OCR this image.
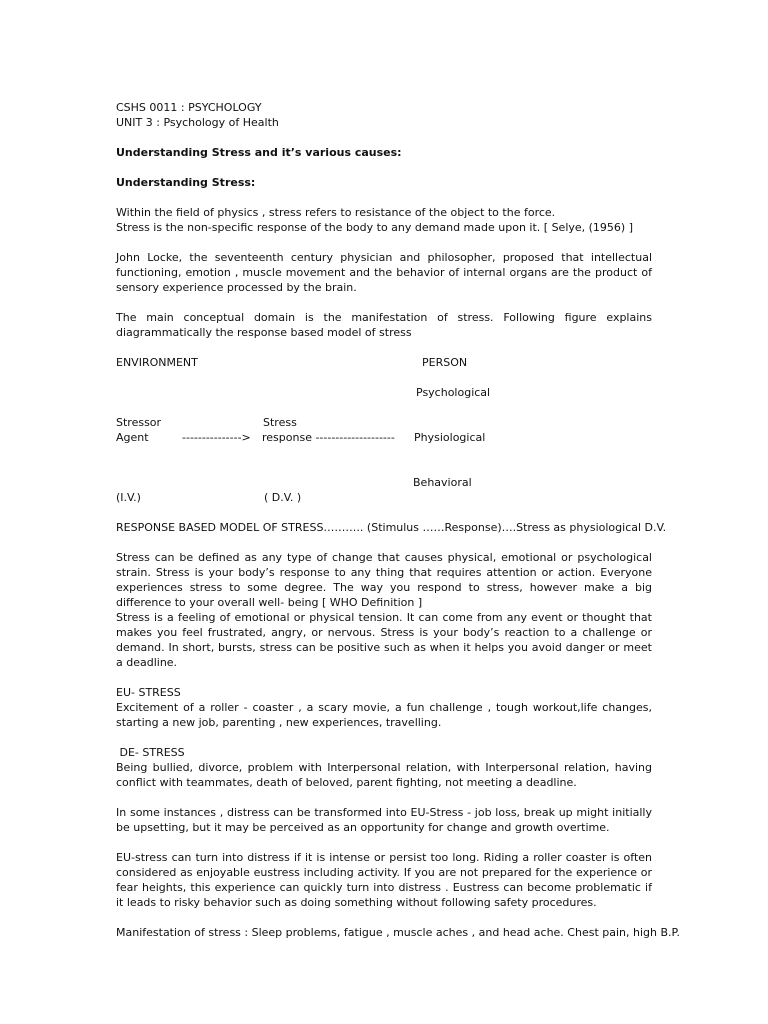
CSHS 0011 : PSYCHOLOGY
UNIT 3 : Psychology of Health
Understanding Stress and it’s various causes:
Understanding Stress:
Within the field of physics , stress refers to resistance of the object to the force.
Stress is the non-specific response of the body to any demand made upon it. [ Selye, (1956) ]

John Locke, the seventeenth century physician and philosopher, proposed that intellectual functioning, emotion , muscle movement and the behavior of internal organs are the product of sensory experience processed by the brain.

The main conceptual domain is the manifestation of stress. Following figure explains diagrammatically the response based model of stress

ENVIRONMENT	PERSON
Psychological
Stressor	Stress
Agent	---------------> response -------------------- Physiological
Behavioral
(I.V.)	( D.V. )
RESPONSE BASED MODEL OF STRESS……….. (Stimulus ……Response)….Stress as physiological D.V.

Stress can be defined as any type of change that causes physical, emotional or psychological strain. Stress is your body’s response to any thing that requires attention or action. Everyone experiences stress to some degree. The way you respond to stress, however make a big difference to your overall well- being [ WHO Definition ]

Stress is a feeling of emotional or physical tension. It can come from any event or thought that makes you feel frustrated, angry, or nervous. Stress is your body’s reaction to a challenge or demand. In short, bursts, stress can be positive such as when it helps you avoid danger or meet a deadline.

EU- STRESS

Excitement of a roller - coaster , a scary movie, a fun challenge , tough workout,life changes, starting a new job, parenting , new experiences, travelling.

DE- STRESS

Being bullied, divorce, problem with Interpersonal relation, with Interpersonal relation, having conflict with teammates, death of beloved, parent fighting, not meeting a deadline.

In some instances , distress can be transformed into EU-Stress - job loss, break up might initially be upsetting, but it may be perceived as an opportunity for change and growth overtime.

EU-stress can turn into distress if it is intense or persist too long. Riding a roller coaster is often considered as enjoyable eustress including activity. If you are not prepared for the experience or fear heights, this experience can quickly turn into distress . Eustress can become problematic if it leads to risky behavior such as doing something without following safety procedures.

Manifestation of stress : Sleep problems, fatigue , muscle aches , and head ache. Chest pain, high B.P.
